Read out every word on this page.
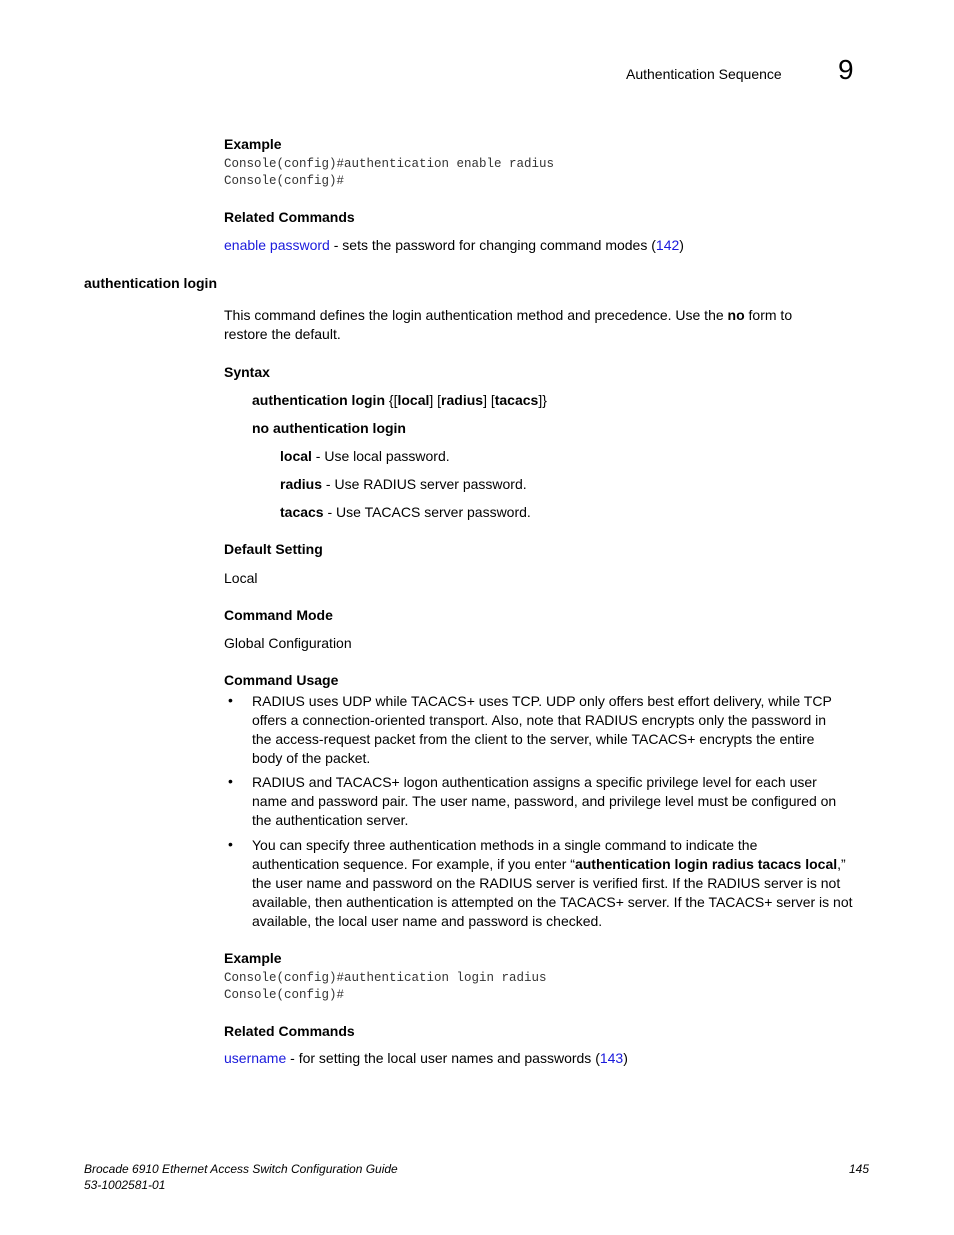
Authentication Sequence 9
Example
Console(config)#authentication enable radius
Console(config)#
Related Commands
enable password - sets the password for changing command modes (142)
authentication login
This command defines the login authentication method and precedence. Use the no form to
restore the default.
Syntax
authentication login {[local] [radius] [tacacs]}
no authentication login
local - Use local password.
radius - Use RADIUS server password.
tacacs - Use TACACS server password.
Default Setting
Local
Command Mode
Global Configuration
Command Usage
• RADIUS uses UDP while TACACS+ uses TCP. UDP only offers best effort delivery, while TCP
offers a connection-oriented transport. Also, note that RADIUS encrypts only the password in
the access-request packet from the client to the server, while TACACS+ encrypts the entire
body of the packet.
• RADIUS and TACACS+ logon authentication assigns a specific privilege level for each user
name and password pair. The user name, password, and privilege level must be configured on
the authentication server.
• You can specify three authentication methods in a single command to indicate the
authentication sequence. For example, if you enter “authentication login radius tacacs local,”
the user name and password on the RADIUS server is verified first. If the RADIUS server is not
available, then authentication is attempted on the TACACS+ server. If the TACACS+ server is not
available, the local user name and password is checked.
Example
Console(config)#authentication login radius
Console(config)#
Related Commands
username - for setting the local user names and passwords (143)
Brocade 6910 Ethernet Access Switch Configuration Guide
53-1002581-01
145
